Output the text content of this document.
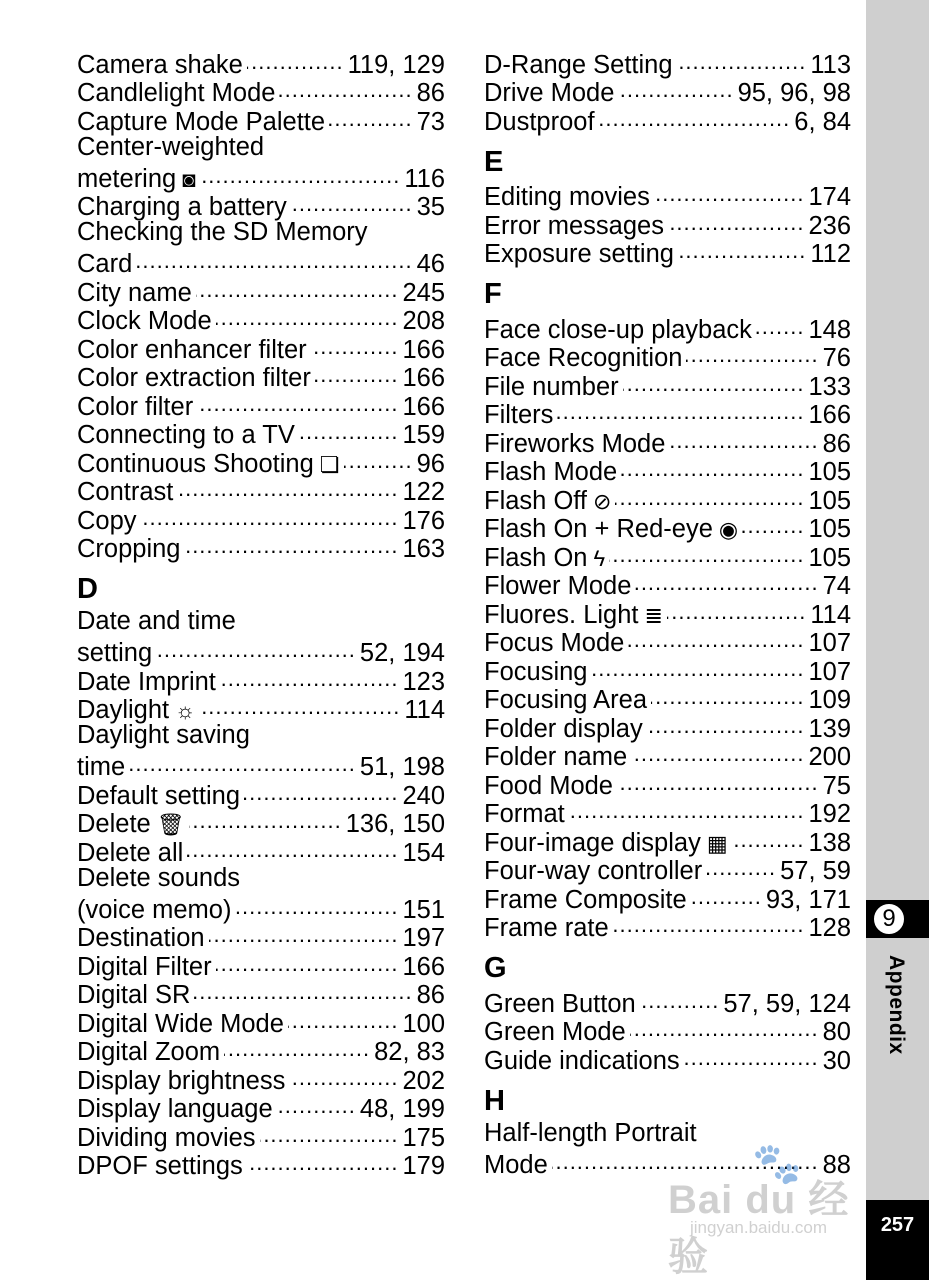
Camera shake .....	119, 129
Candlelight Mode .....	86
Capture Mode Palette .....	73
Center-weighted
metering ◙ .....	116
Charging a battery .....	35
Checking the SD Memory
Card .....	46
City name .....	245
Clock Mode .....	208
Color enhancer filter .....	166
Color extraction filter .....	166
Color filter .....	166
Connecting to a TV .....	159
Continuous Shooting ❏ .....	96
Contrast .....	122
Copy .....	176
Cropping .....	163
D
Date and time
setting .....	52, 194
Date Imprint .....	123
Daylight ☼ .....	114
Daylight saving
time .....	51, 198
Default setting .....	240
Delete 🗑 .....	136, 150
Delete all .....	154
Delete sounds
(voice memo) .....	151
Destination .....	197
Digital Filter .....	166
Digital SR .....	86
Digital Wide Mode .....	100
Digital Zoom .....	82, 83
Display brightness .....	202
Display language .....	48, 199
Dividing movies .....	175
DPOF settings .....	179
D-Range Setting .....	113
Drive Mode .....	95, 96, 98
Dustproof .....	6, 84
E
Editing movies .....	174
Error messages .....	236
Exposure setting .....	112
F
Face close-up playback ..... 148
Face Recognition .....	76
File number .....	133
Filters .....	166
Fireworks Mode .....	86
Flash Mode .....	105
Flash Off ⊘ .....	105
Flash On + Red-eye ◉ .....	105
Flash On ϟ .....	105
Flower Mode .....	74
Fluores. Light ≣ .....	114
Focus Mode .....	107
Focusing .....	107
Focusing Area .....	109
Folder display .....	139
Folder name .....	200
Food Mode .....	75
Format .....	192
Four-image display ▦ .....	138
Four-way controller .....	57, 59
Frame Composite .....	93, 171
Frame rate .....	128
G
Green Button .....	57, 59, 124
Green Mode .....	80
Guide indications .....	30
H
Half-length Portrait
Mode .....	88
9
Appendix
257
🐾
Bai du 经验
jingyan.baidu.com
